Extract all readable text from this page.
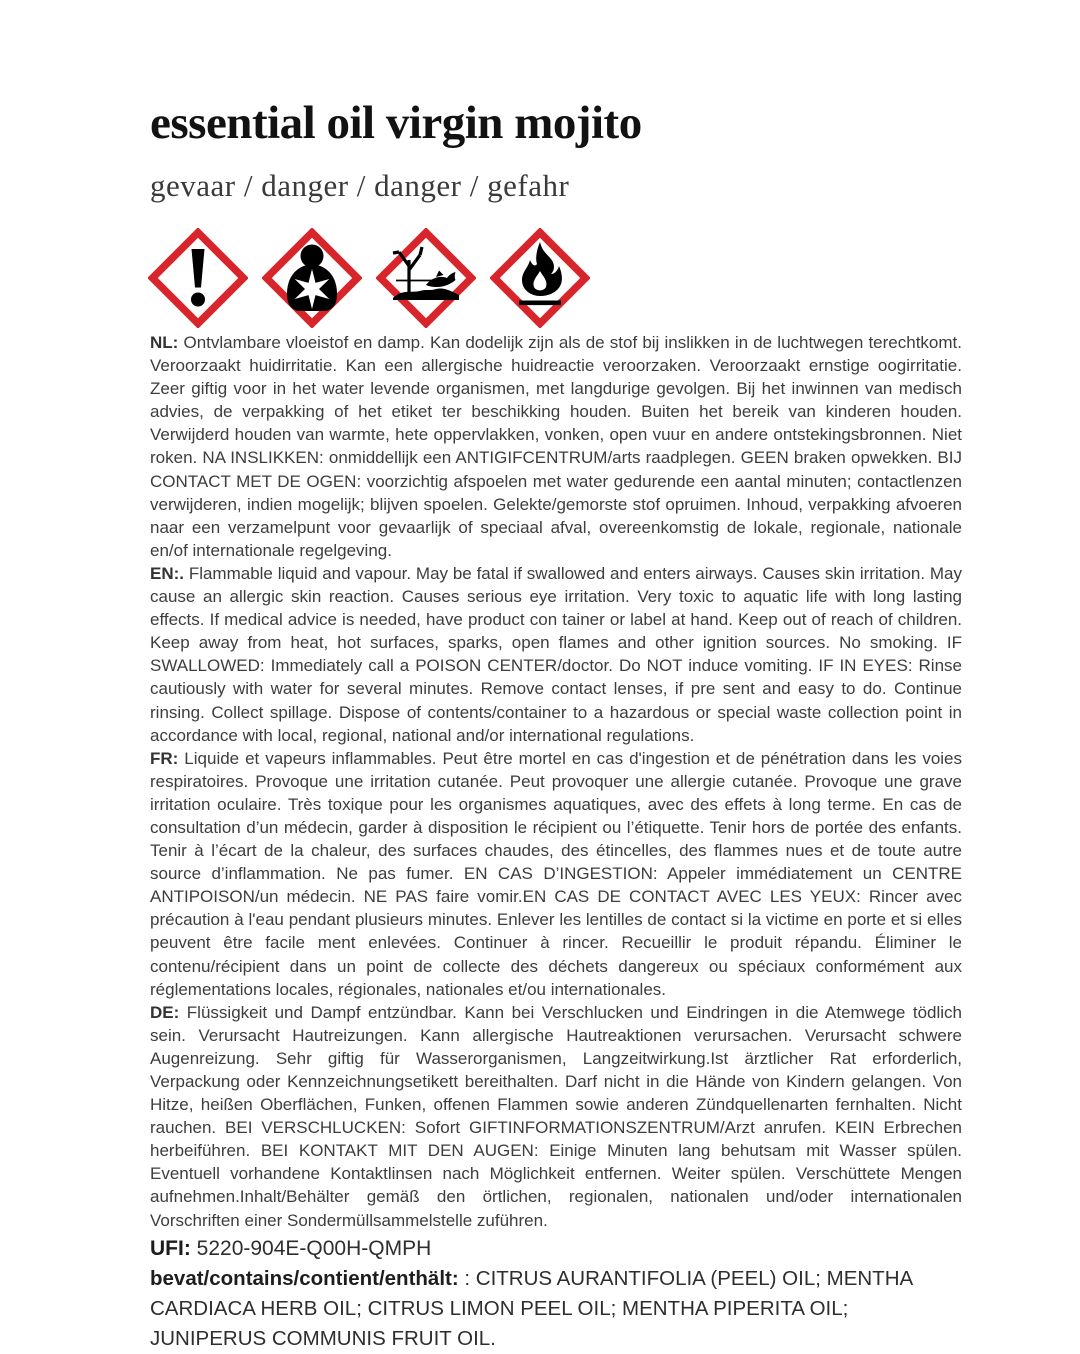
essential oil virgin mojito
gevaar / danger / danger / gefahr

NL: Ontvlambare vloeistof en damp. Kan dodelijk zijn als de stof bij inslikken in de luchtwegen terechtkomt. Veroorzaakt huidirritatie. Kan een allergische huidreactie veroorzaken. Veroorzaakt ernstige oogirritatie. Zeer giftig voor in het water levende organismen, met langdurige gevolgen. Bij het inwinnen van medisch advies, de verpakking of het etiket ter beschikking houden. Buiten het bereik van kinderen houden. Verwijderd houden van warmte, hete oppervlakken, vonken, open vuur en andere ontstekingsbronnen. Niet roken. NA INSLIKKEN: onmiddellijk een ANTIGIFCENTRUM/arts raadplegen. GEEN braken opwekken. BIJ CONTACT MET DE OGEN: voorzichtig afspoelen met water gedurende een aantal minuten; contactlenzen verwijderen, indien mogelijk; blijven spoelen. Gelekte/gemorste stof opruimen. Inhoud, verpakking afvoeren naar een verzamelpunt voor gevaarlijk of speciaal afval, overeenkomstig de lokale, regionale, nationale en/of internationale regelgeving.

EN:. Flammable liquid and vapour. May be fatal if swallowed and enters airways. Causes skin irritation. May cause an allergic skin reaction. Causes serious eye irritation. Very toxic to aquatic life with long lasting effects. If medical advice is needed, have product con tainer or label at hand. Keep out of reach of children. Keep away from heat, hot surfaces, sparks, open flames and other ignition sources. No smoking. IF SWALLOWED: Immediately call a POISON CENTER/doctor. Do NOT induce vomiting. IF IN EYES: Rinse cautiously with water for several minutes. Remove contact lenses, if pre sent and easy to do. Continue rinsing. Collect spillage. Dispose of contents/container to a hazardous or special waste collection point in accordance with local, regional, national and/or international regulations.

FR: Liquide et vapeurs inflammables. Peut être mortel en cas d'ingestion et de pénétration dans les voies respiratoires. Provoque une irritation cutanée. Peut provoquer une allergie cutanée. Provoque une grave irritation oculaire. Très toxique pour les organismes aquatiques, avec des effets à long terme. En cas de consultation d’un médecin, garder à disposition le récipient ou l’étiquette. Tenir hors de portée des enfants. Tenir à l’écart de la chaleur, des surfaces chaudes, des étincelles, des flammes nues et de toute autre source d’inflammation. Ne pas fumer. EN CAS D’INGESTION: Appeler immédiatement un CENTRE ANTIPOISON/un médecin. NE PAS faire vomir.EN CAS DE CONTACT AVEC LES YEUX: Rincer avec précaution à l'eau pendant plusieurs minutes. Enlever les lentilles de contact si la victime en porte et si elles peuvent être facile ment enlevées. Continuer à rincer. Recueillir le produit répandu. Éliminer le contenu/récipient dans un point de collecte des déchets dangereux ou spéciaux conformément aux réglementations locales, régionales, nationales et/ou internationales.

DE: Flüssigkeit und Dampf entzündbar. Kann bei Verschlucken und Eindringen in die Atemwege tödlich sein. Verursacht Hautreizungen. Kann allergische Hautreaktionen verursachen. Verursacht schwere Augenreizung. Sehr giftig für Wasserorganismen, Langzeitwirkung.Ist ärztlicher Rat erforderlich, Verpackung oder Kennzeichnungsetikett bereithalten. Darf nicht in die Hände von Kindern gelangen. Von Hitze, heißen Oberflächen, Funken, offenen Flammen sowie anderen Zündquellenarten fernhalten. Nicht rauchen. BEI VERSCHLUCKEN: Sofort GIFTINFORMATIONSZENTRUM/Arzt anrufen. KEIN Erbrechen herbeiführen. BEI KONTAKT MIT DEN AUGEN: Einige Minuten lang behutsam mit Wasser spülen. Eventuell vorhandene Kontaktlinsen nach Möglichkeit entfernen. Weiter spülen. Verschüttete Mengen aufnehmen.Inhalt/Behälter gemäß den örtlichen, regionalen, nationalen und/oder internationalen Vorschriften einer Sondermüllsammelstelle zuführen.

UFI: 5220-904E-Q00H-QMPH

bevat/contains/contient/enthält: : CITRUS AURANTIFOLIA (PEEL) OIL; MENTHA CARDIACA HERB OIL; CITRUS LIMON PEEL OIL; MENTHA PIPERITA OIL; JUNIPERUS COMMUNIS FRUIT OIL.
